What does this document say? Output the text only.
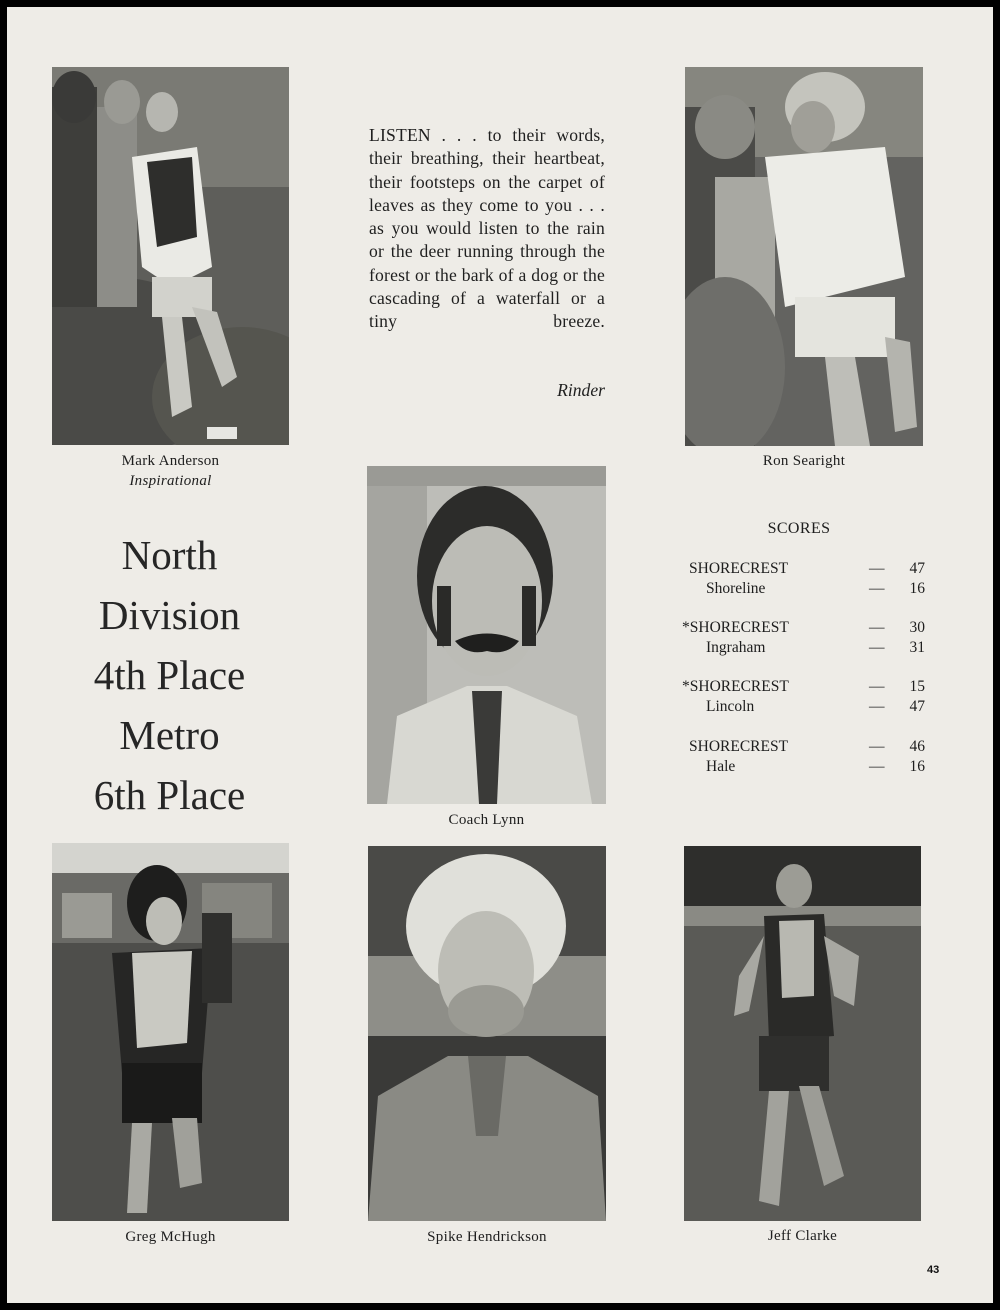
Mark Anderson
Inspirational
LISTEN . . . to their words, their breathing, their heartbeat, their footsteps on the carpet of leaves as they come to you . . . as you would listen to the rain or the deer running through the forest or the bark of a dog or the cascading of a waterfall or a tiny breeze.
Rinder
Ron Searight
North
Division
4th Place
Metro
6th Place
Coach Lynn
SCORES
SHORECREST	—	47
Shoreline	—	16
*SHORECREST	—	30
Ingraham	—	31
*SHORECREST	—	15
Lincoln	—	47
SHORECREST	—	46
Hale	—	16
Greg McHugh	Spike Hendrickson	Jeff Clarke
43
